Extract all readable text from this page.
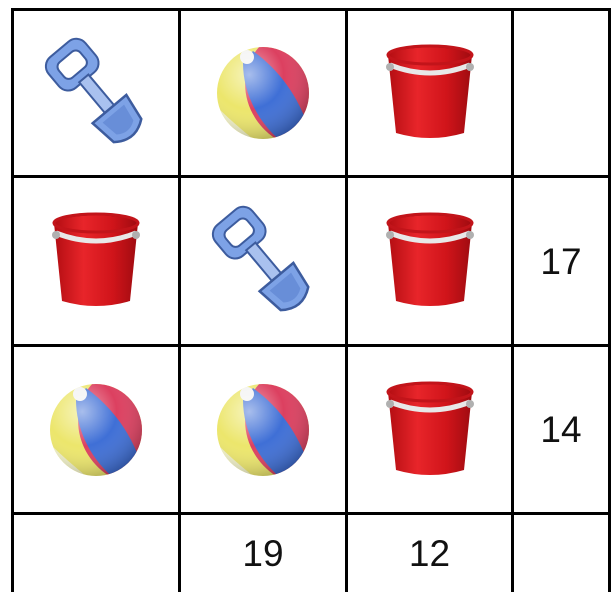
17
14
19	12
